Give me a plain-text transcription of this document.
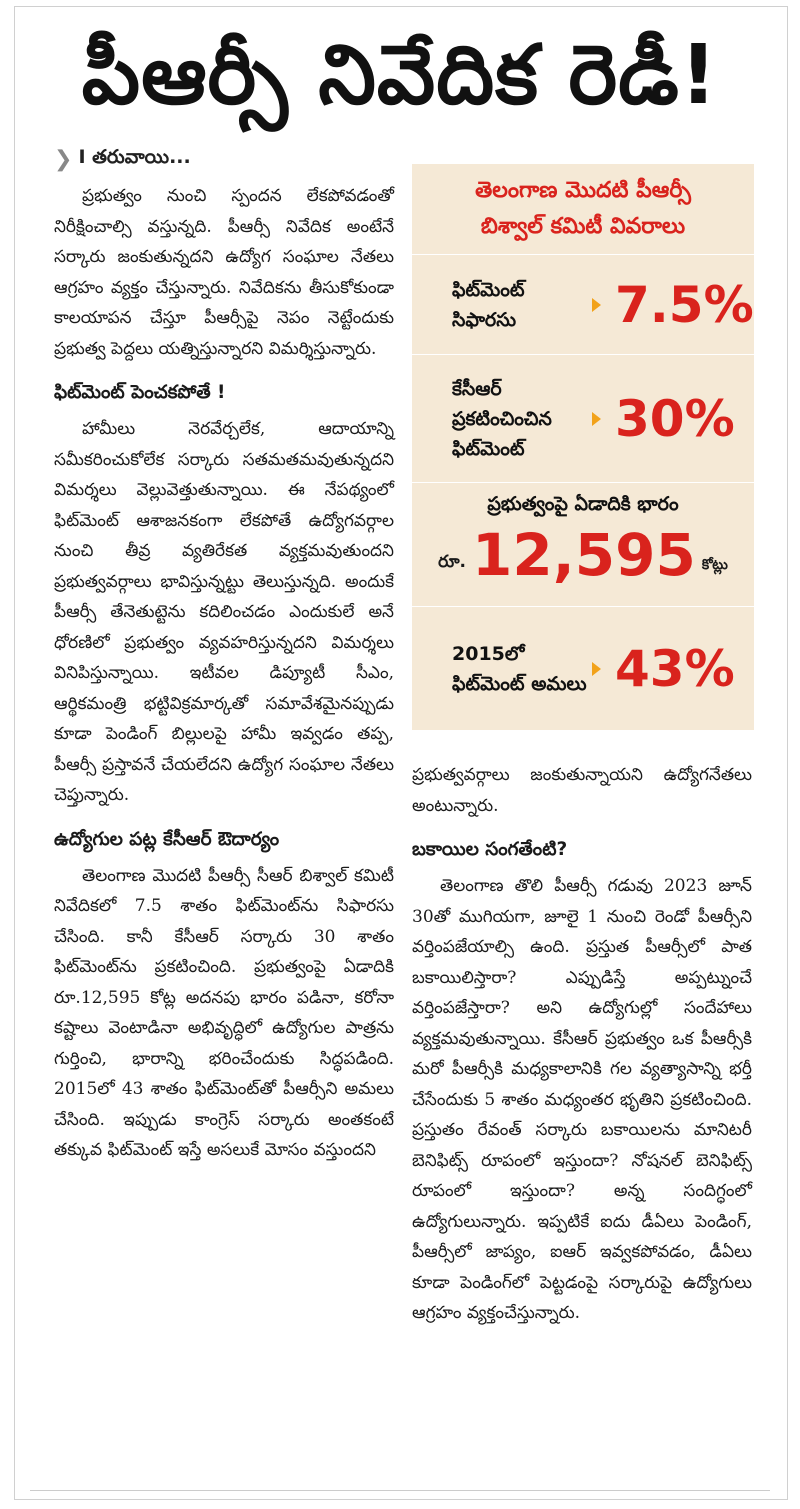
పీఆర్సీ నివేదిక రెడీ!
❯ I తరువాయి...

ప్రభుత్వం నుంచి స్పందన లేకపోవడంతో నిరీక్షించాల్సి వస్తున్నది. పీఆర్సీ నివేదిక అంటేనే సర్కారు జంకుతున్నదని ఉద్యోగ సంఘాల నేతలు ఆగ్రహం వ్యక్తం చేస్తున్నారు. నివేదికను తీసుకోకుండా కాలయాపన చేస్తూ పీఆర్సీపై నెపం నెట్టేందుకు ప్రభుత్వ పెద్దలు యత్నిస్తున్నారని విమర్శిస్తున్నారు.

ఫిట్‌మెంట్ పెంచకపోతే !

హామీలు నెరవేర్చలేక, ఆదాయాన్ని సమీకరించుకోలేక సర్కారు సతమతమవుతున్నదని విమర్శలు వెల్లువెత్తుతున్నాయి. ఈ నేపథ్యంలో ఫిట్‌మెంట్ ఆశాజనకంగా లేకపోతే ఉద్యోగవర్గాల నుంచి తీవ్ర వ్యతిరేకత వ్యక్తమవుతుందని ప్రభుత్వవర్గాలు భావిస్తున్నట్టు తెలుస్తున్నది. అందుకే పీఆర్సీ తేనెతుట్టెను కదిలించడం ఎందుకులే అనే ధోరణిలో ప్రభుత్వం వ్యవహరిస్తున్నదని విమర్శలు వినిపిస్తున్నాయి. ఇటీవల డిప్యూటీ సీఎం, ఆర్థికమంత్రి భట్టివిక్రమార్కతో సమావేశమైనప్పుడు కూడా పెండింగ్ బిల్లులపై హామీ ఇవ్వడం తప్ప, పీఆర్సీ ప్రస్తావనే చేయలేదని ఉద్యోగ సంఘాల నేతలు చెప్తున్నారు.

ఉద్యోగుల పట్ల కేసీఆర్ ఔదార్యం

తెలంగాణ మొదటి పీఆర్సీ సీఆర్ బిశ్వాల్ కమిటీ నివేదికలో 7.5 శాతం ఫిట్‌మెంట్‌ను సిఫారసు చేసింది. కానీ కేసీఆర్ సర్కారు 30 శాతం ఫిట్‌మెంట్‌ను ప్రకటించింది. ప్రభుత్వంపై ఏడాదికి రూ.12,595 కోట్ల అదనపు భారం పడినా, కరోనా కష్టాలు వెంటాడినా అభివృద్ధిలో ఉద్యోగుల పాత్రను గుర్తించి, భారాన్ని భరించేందుకు సిద్ధపడింది. 2015లో 43 శాతం ఫిట్‌మెంట్‌తో పీఆర్సీని అమలు చేసింది. ఇప్పుడు కాంగ్రెస్ సర్కారు అంతకంటే తక్కువ ఫిట్‌మెంట్ ఇస్తే అసలుకే మోసం వస్తుందని

తెలంగాణ మొదటి పీఆర్సీ
బిశ్వాల్ కమిటీ వివరాలు
ఫిట్‌మెంట్ సిఫారసు	7.5%
కేసీఆర్ ప్రకటించించిన ఫిట్‌మెంట్
30%
ప్రభుత్వంపై ఏడాదికి భారం
రూ. 12,595 కోట్లు
2015లో ఫిట్‌మెంట్ అమలు 43%

ప్రభుత్వవర్గాలు జంకుతున్నాయని ఉద్యోగనేతలు అంటున్నారు.

బకాయిల సంగతేంటి?

తెలంగాణ తొలి పీఆర్సీ గడువు 2023 జూన్ 30తో ముగియగా, జూలై 1 నుంచి రెండో పీఆర్సీని వర్తింపజేయాల్సి ఉంది. ప్రస్తుత పీఆర్సీలో పాత బకాయిలిస్తారా? ఎప్పుడిస్తే అప్పట్నుంచే వర్తింపజేస్తారా? అని ఉద్యోగుల్లో సందేహాలు వ్యక్తమవుతున్నాయి. కేసీఆర్ ప్రభుత్వం ఒక పీఆర్సీకి మరో పీఆర్సీకి మధ్యకాలానికి గల వ్యత్యాసాన్ని భర్తీ చేసేందుకు 5 శాతం మధ్యంతర భృతిని ప్రకటించింది. ప్రస్తుతం రేవంత్ సర్కారు బకాయిలను మానిటరీ బెనిఫిట్స్ రూపంలో ఇస్తుందా? నోషనల్ బెనిఫిట్స్ రూపంలో ఇస్తుందా? అన్న సందిగ్ధంలో ఉద్యోగులున్నారు. ఇప్పటికే ఐదు డీఏలు పెండింగ్, పీఆర్సీలో జాప్యం, ఐఆర్ ఇవ్వకపోవడం, డీఏలు కూడా పెండింగ్‌లో పెట్టడంపై సర్కారుపై ఉద్యోగులు ఆగ్రహం వ్యక్తంచేస్తున్నారు.
